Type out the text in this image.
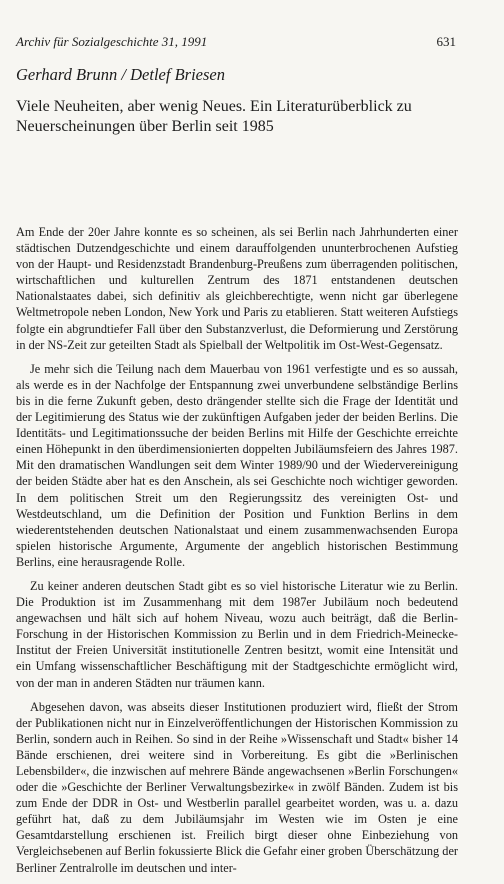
Archiv für Sozialgeschichte 31, 1991	631
Gerhard Brunn / Detlef Briesen
Viele Neuheiten, aber wenig Neues. Ein Literaturüberblick zu Neuerscheinungen über Berlin seit 1985

Am Ende der 20er Jahre konnte es so scheinen, als sei Berlin nach Jahrhunderten einer städtischen Dutzendgeschichte und einem darauffolgenden ununterbrochenen Aufstieg von der Haupt- und Residenzstadt Brandenburg-Preußens zum überragenden politischen, wirtschaftlichen und kulturellen Zentrum des 1871 entstandenen deutschen Nationalstaates dabei, sich definitiv als gleichberechtigte, wenn nicht gar überlegene Weltmetropole neben London, New York und Paris zu etablieren. Statt weiteren Aufstiegs folgte ein abgrundtiefer Fall über den Substanzverlust, die Deformierung und Zerstörung in der NS-Zeit zur geteilten Stadt als Spielball der Weltpolitik im Ost-West-Gegensatz.

Je mehr sich die Teilung nach dem Mauerbau von 1961 verfestigte und es so aussah, als werde es in der Nachfolge der Entspannung zwei unverbundene selbständige Berlins bis in die ferne Zukunft geben, desto drängender stellte sich die Frage der Identität und der Legitimierung des Status wie der zukünftigen Aufgaben jeder der beiden Berlins. Die Identitäts- und Legitimationssuche der beiden Berlins mit Hilfe der Geschichte erreichte einen Höhepunkt in den überdimensionierten doppelten Jubiläumsfeiern des Jahres 1987. Mit den dramatischen Wandlungen seit dem Winter 1989/90 und der Wiedervereinigung der beiden Städte aber hat es den Anschein, als sei Geschichte noch wichtiger geworden. In dem politischen Streit um den Regierungssitz des vereinigten Ost- und Westdeutschland, um die Definition der Position und Funktion Berlins in dem wiederentstehenden deutschen Nationalstaat und einem zusammenwachsenden Europa spielen historische Argumente, Argumente der angeblich historischen Bestimmung Berlins, eine herausragende Rolle.

Zu keiner anderen deutschen Stadt gibt es so viel historische Literatur wie zu Berlin. Die Produktion ist im Zusammenhang mit dem 1987er Jubiläum noch bedeutend angewachsen und hält sich auf hohem Niveau, wozu auch beiträgt, daß die Berlin-Forschung in der Historischen Kommission zu Berlin und in dem Friedrich-Meinecke-Institut der Freien Universität institutionelle Zentren besitzt, womit eine Intensität und ein Umfang wissenschaftlicher Beschäftigung mit der Stadtgeschichte ermöglicht wird, von der man in anderen Städten nur träumen kann.

Abgesehen davon, was abseits dieser Institutionen produziert wird, fließt der Strom der Publikationen nicht nur in Einzelveröffentlichungen der Historischen Kommission zu Berlin, sondern auch in Reihen. So sind in der Reihe »Wissenschaft und Stadt« bisher 14 Bände erschienen, drei weitere sind in Vorbereitung. Es gibt die »Berlinischen Lebensbilder«, die inzwischen auf mehrere Bände angewachsenen »Berlin Forschungen« oder die »Geschichte der Berliner Verwaltungsbezirke« in zwölf Bänden. Zudem ist bis zum Ende der DDR in Ost- und Westberlin parallel gearbeitet worden, was u. a. dazu geführt hat, daß zu dem Jubiläumsjahr im Westen wie im Osten je eine Gesamtdarstellung erschienen ist. Freilich birgt dieser ohne Einbeziehung von Vergleichsebenen auf Berlin fokussierte Blick die Gefahr einer groben Überschätzung der Berliner Zentralrolle im deutschen und inter-
